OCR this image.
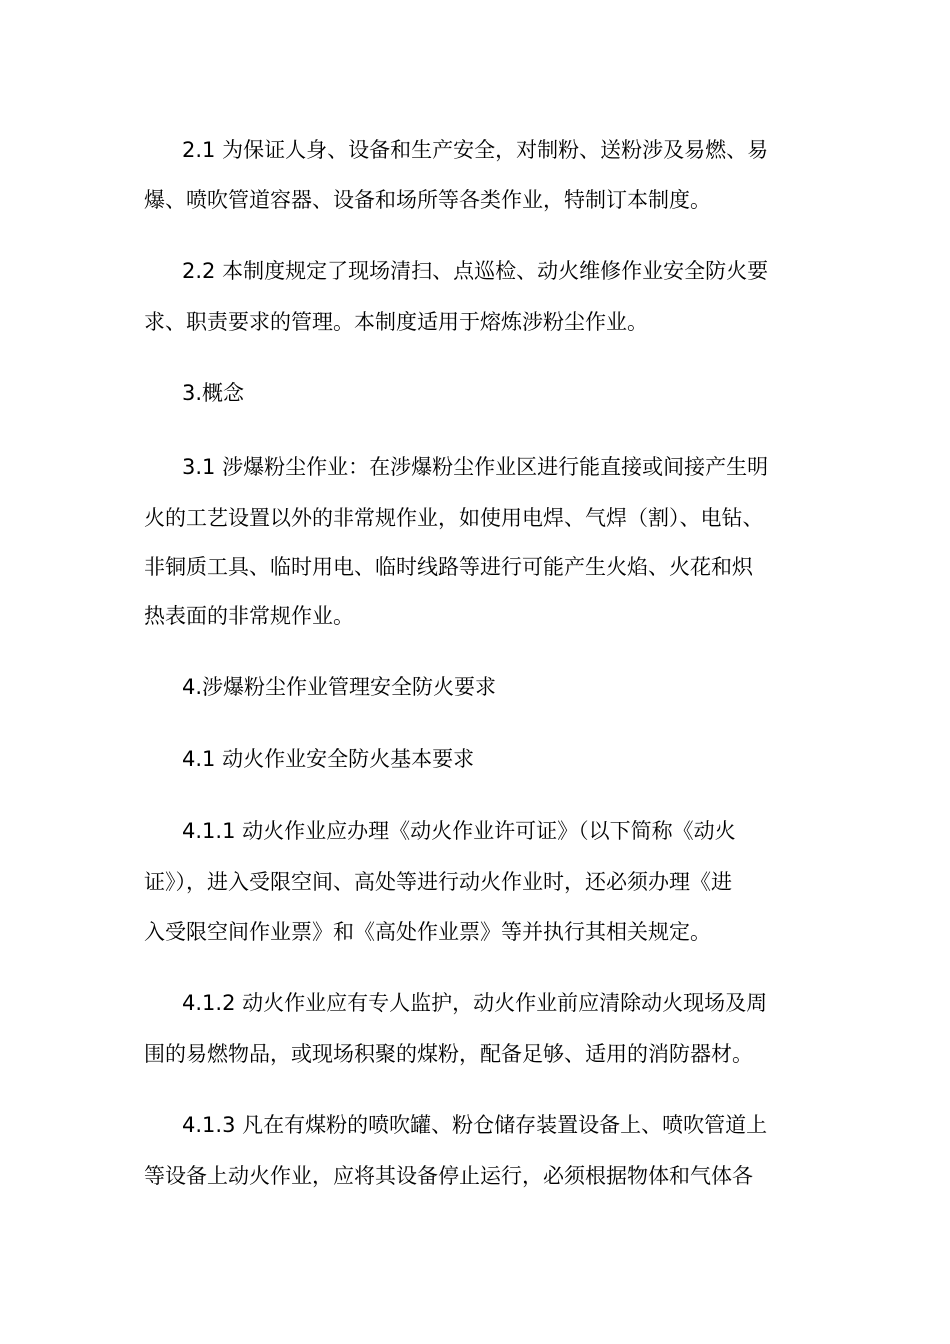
2.1 为保证人身、设备和生产安全，对制粉、送粉涉及易燃、易

爆、喷吹管道容器、设备和场所等各类作业，特制订本制度。

2.2 本制度规定了现场清扫、点巡检、动火维修作业安全防火要

求、职责要求的管理。本制度适用于熔炼涉粉尘作业。

3.概念

3.1 涉爆粉尘作业：在涉爆粉尘作业区进行能直接或间接产生明

火的工艺设置以外的非常规作业，如使用电焊、气焊（割）、电钻、

非铜质工具、临时用电、临时线路等进行可能产生火焰、火花和炽

热表面的非常规作业。

4.涉爆粉尘作业管理安全防火要求

4.1 动火作业安全防火基本要求

4.1.1 动火作业应办理《动火作业许可证》（以下简称《动火

证》），进入受限空间、高处等进行动火作业时，还必须办理《进

入受限空间作业票》和《高处作业票》等并执行其相关规定。

4.1.2 动火作业应有专人监护，动火作业前应清除动火现场及周

围的易燃物品，或现场积聚的煤粉，配备足够、适用的消防器材。

4.1.3 凡在有煤粉的喷吹罐、粉仓储存装置设备上、喷吹管道上

等设备上动火作业，应将其设备停止运行，必须根据物体和气体各
